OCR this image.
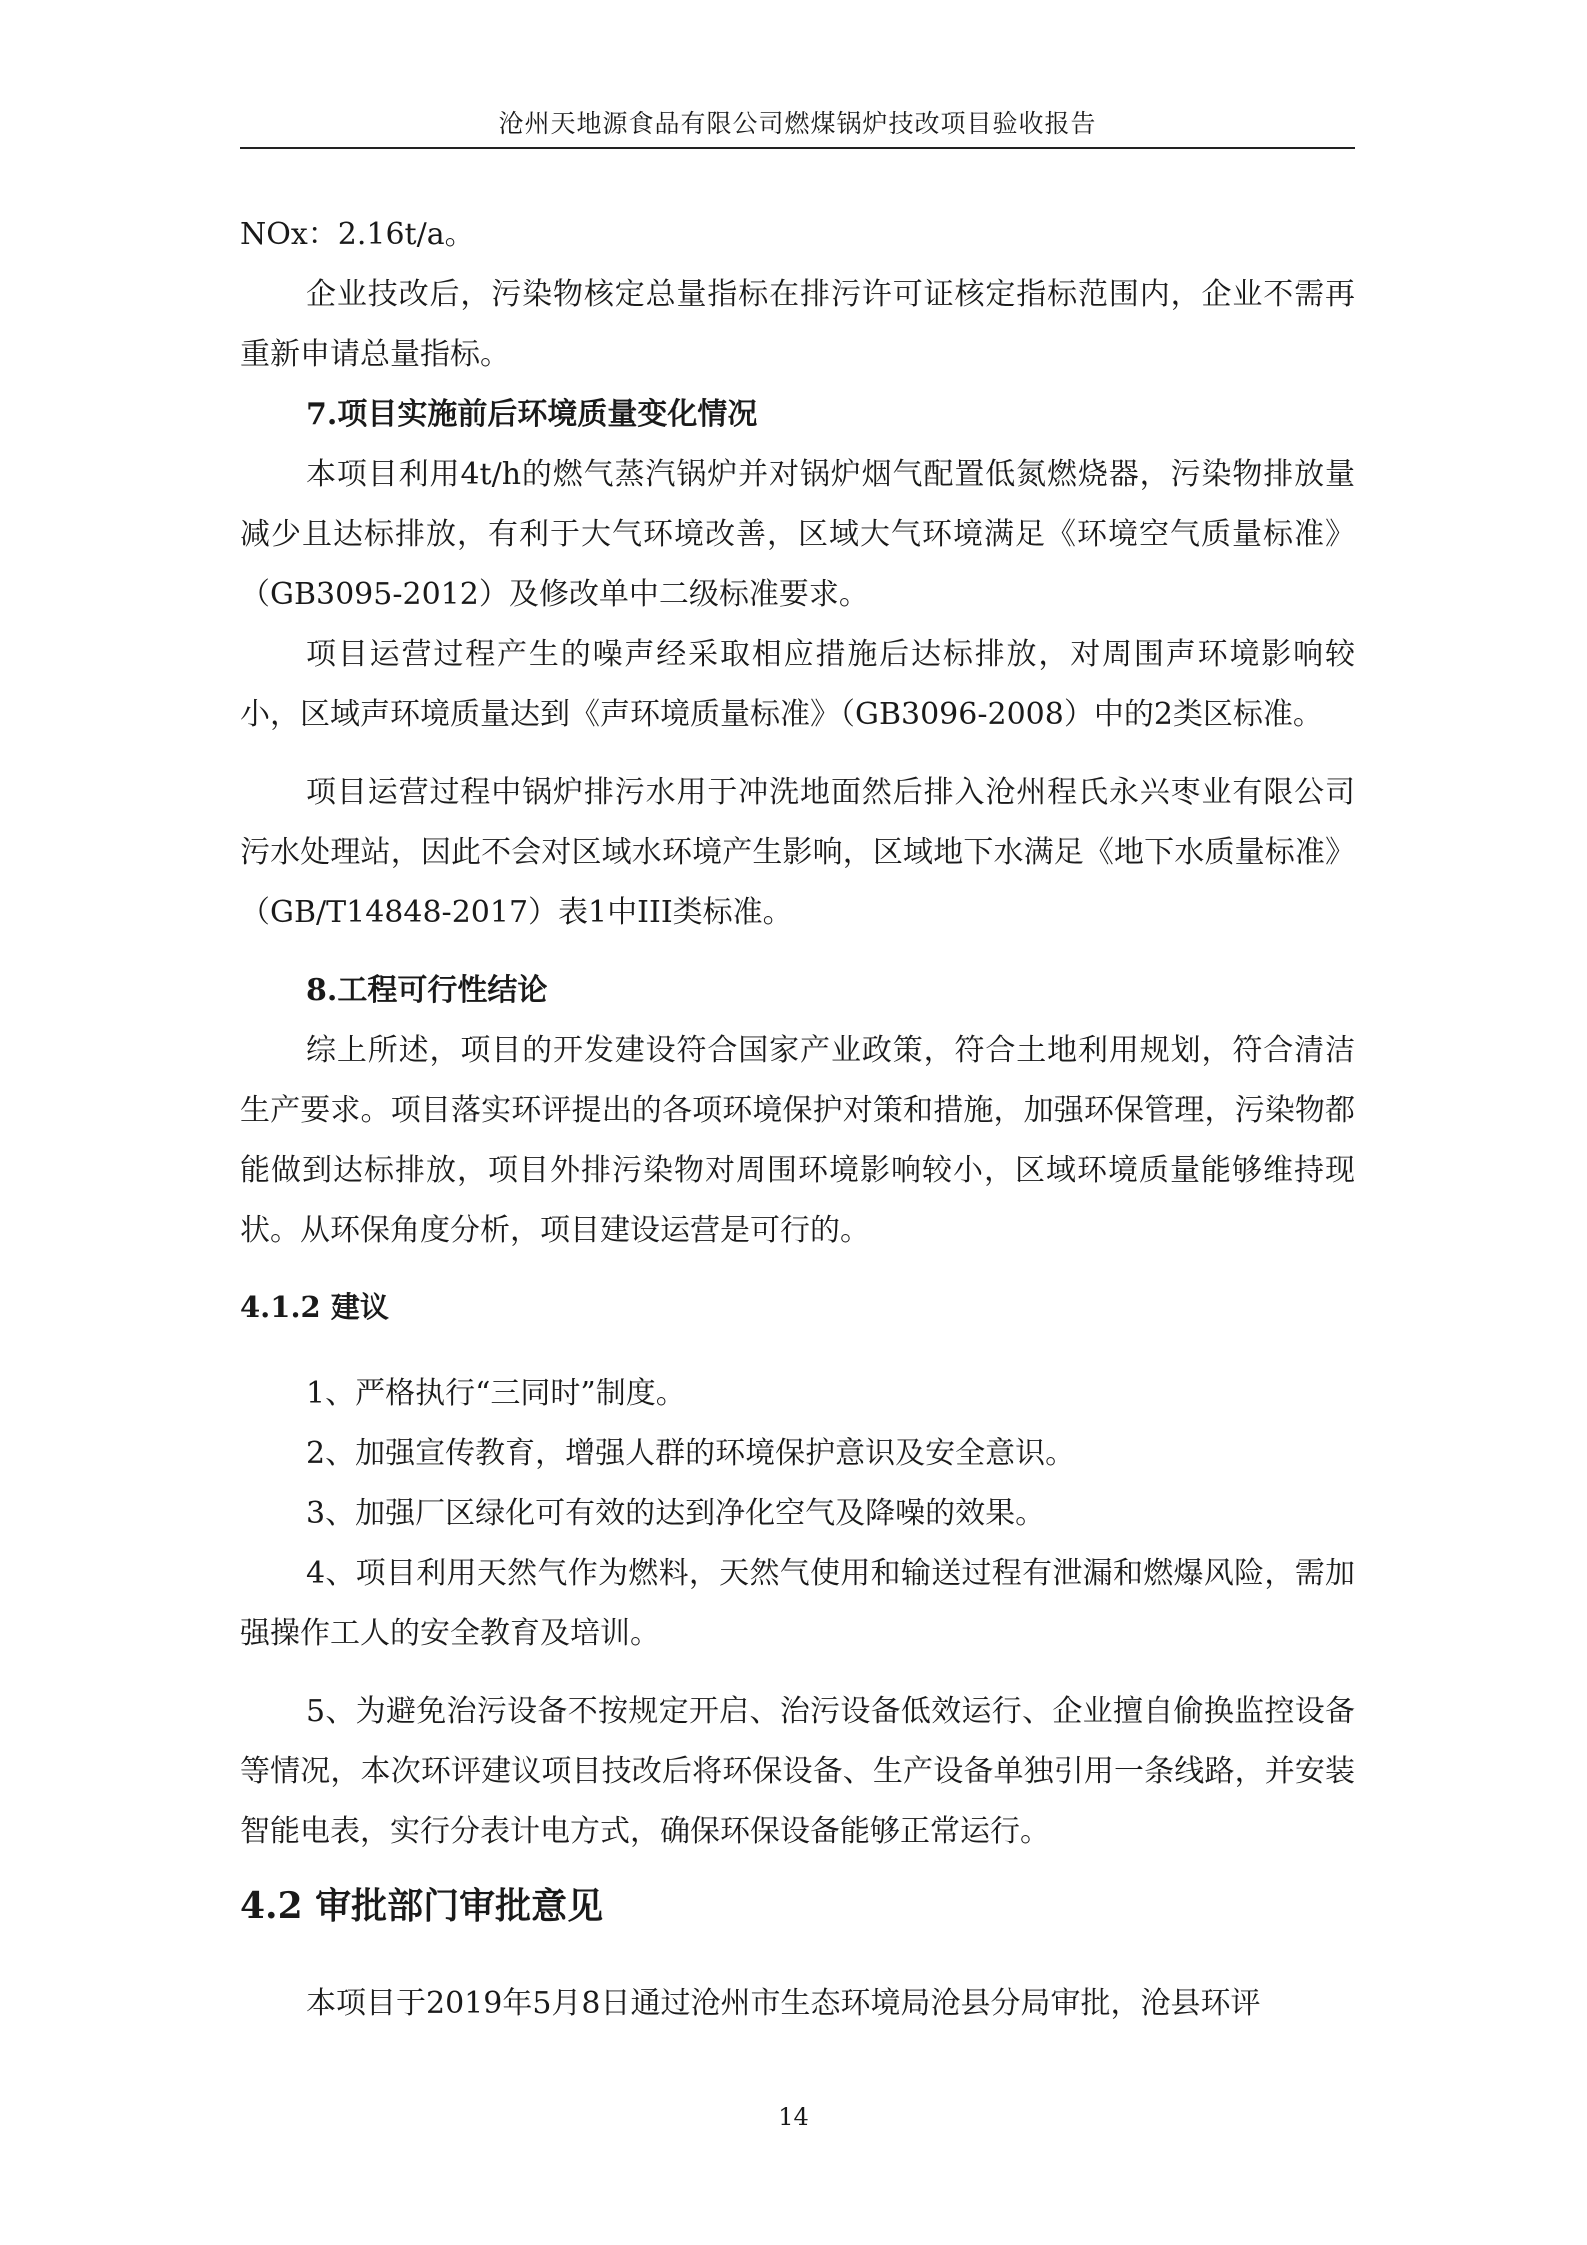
沧州天地源食品有限公司燃煤锅炉技改项目验收报告

NOx：2.16t/a。

企业技改后，污染物核定总量指标在排污许可证核定指标范围内，企业不需再重新申请总量指标。

7.项目实施前后环境质量变化情况

本项目利用4t/h的燃气蒸汽锅炉并对锅炉烟气配置低氮燃烧器，污染物排放量减少且达标排放，有利于大气环境改善，区域大气环境满足《环境空气质量标准》（GB3095-2012）及修改单中二级标准要求。

项目运营过程产生的噪声经采取相应措施后达标排放，对周围声环境影响较小，区域声环境质量达到《声环境质量标准》（GB3096-2008）中的2类区标准。

项目运营过程中锅炉排污水用于冲洗地面然后排入沧州程氏永兴枣业有限公司污水处理站，因此不会对区域水环境产生影响，区域地下水满足《地下水质量标准》（GB/T14848-2017）表1中III类标准。

8.工程可行性结论

综上所述，项目的开发建设符合国家产业政策，符合土地利用规划，符合清洁生产要求。项目落实环评提出的各项环境保护对策和措施，加强环保管理，污染物都能做到达标排放，项目外排污染物对周围环境影响较小，区域环境质量能够维持现状。从环保角度分析，项目建设运营是可行的。

4.1.2 建议

1、严格执行“三同时”制度。

2、加强宣传教育，增强人群的环境保护意识及安全意识。

3、加强厂区绿化可有效的达到净化空气及降噪的效果。

4、项目利用天然气作为燃料，天然气使用和输送过程有泄漏和燃爆风险，需加强操作工人的安全教育及培训。

5、为避免治污设备不按规定开启、治污设备低效运行、企业擅自偷换监控设备等情况，本次环评建议项目技改后将环保设备、生产设备单独引用一条线路，并安装智能电表，实行分表计电方式，确保环保设备能够正常运行。

4.2 审批部门审批意见

本项目于2019年5月8日通过沧州市生态环境局沧县分局审批，沧县环评

14
